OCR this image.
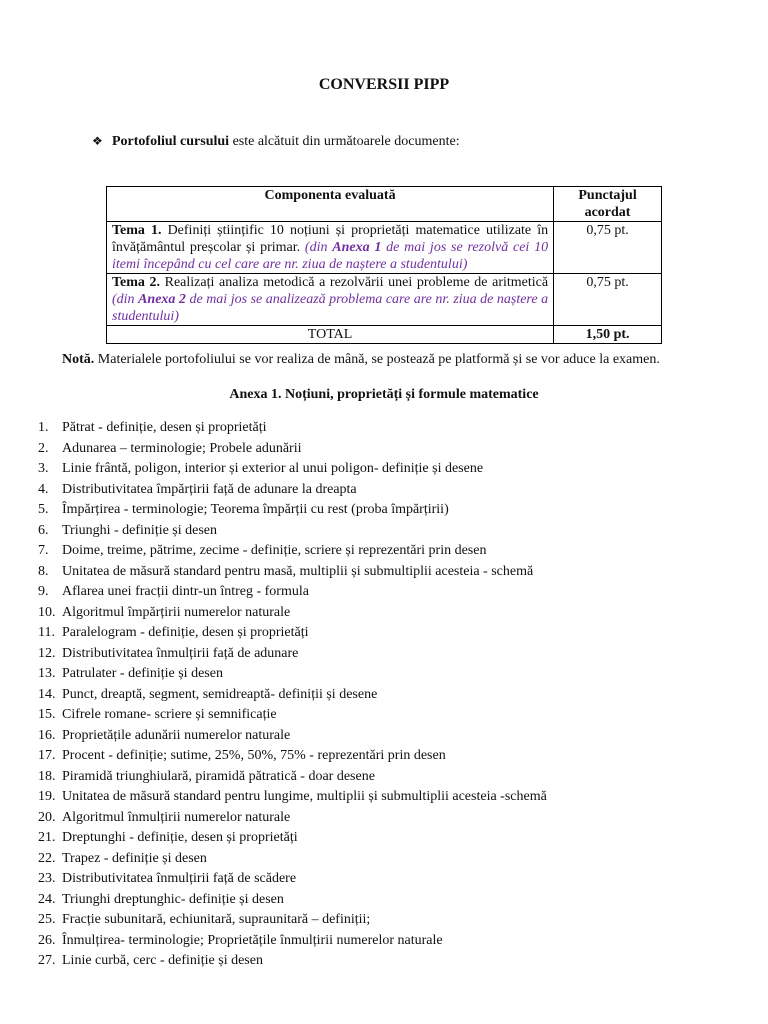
CONVERSII PIPP
❖ Portofoliul cursului este alcătuit din următoarele documente:
Componenta evaluată	Punctajul acordat
Tema 1. Definiți științific 10 noțiuni și proprietăți matematice utilizate în învățământul preșcolar și primar. (din Anexa 1 de mai jos se rezolvă cei 10 itemi începând cu cel care are nr. ziua de naștere a studentului)	0,75 pt.
Tema 2. Realizați analiza metodică a rezolvării unei probleme de aritmetică (din Anexa 2 de mai jos se analizează problema care are nr. ziua de naștere a studentului)	0,75 pt.
TOTAL	1,50 pt.
Notă. Materialele portofoliului se vor realiza de mână, se postează pe platformă și se vor aduce la examen.
Anexa 1. Noțiuni, proprietăți și formule matematice
1. Pătrat - definiție, desen și proprietăți
2. Adunarea – terminologie; Probele adunării
3. Linie frântă, poligon, interior și exterior al unui poligon- definiție și desene
4. Distributivitatea împărțirii față de adunare la dreapta
5. Împărțirea - terminologie; Teorema împărții cu rest (proba împărțirii)
6. Triunghi - definiție și desen
7. Doime, treime, pătrime, zecime - definiție, scriere și reprezentări prin desen
8. Unitatea de măsură standard pentru masă, multiplii și submultiplii acesteia - schemă
9. Aflarea unei fracții dintr-un întreg - formula
10. Algoritmul împărțirii numerelor naturale
11. Paralelogram - definiție, desen și proprietăți
12. Distributivitatea înmulțirii față de adunare
13. Patrulater - definiție și desen
14. Punct, dreaptă, segment, semidreaptă- definiții și desene
15. Cifrele romane- scriere și semnificație
16. Proprietățile adunării numerelor naturale
17. Procent - definiție; sutime, 25%, 50%, 75% - reprezentări prin desen
18. Piramidă triunghiulară, piramidă pătratică - doar desene
19. Unitatea de măsură standard pentru lungime, multiplii și submultiplii acesteia -schemă
20. Algoritmul înmulțirii numerelor naturale
21. Dreptunghi - definiție, desen și proprietăți
22. Trapez - definiție și desen
23. Distributivitatea înmulțirii față de scădere
24. Triunghi dreptunghic- definiție și desen
25. Fracție subunitară, echiunitară, supraunitară – definiții;
26. Înmulțirea- terminologie; Proprietățile înmulțirii numerelor naturale
27. Linie curbă, cerc - definiție și desen
